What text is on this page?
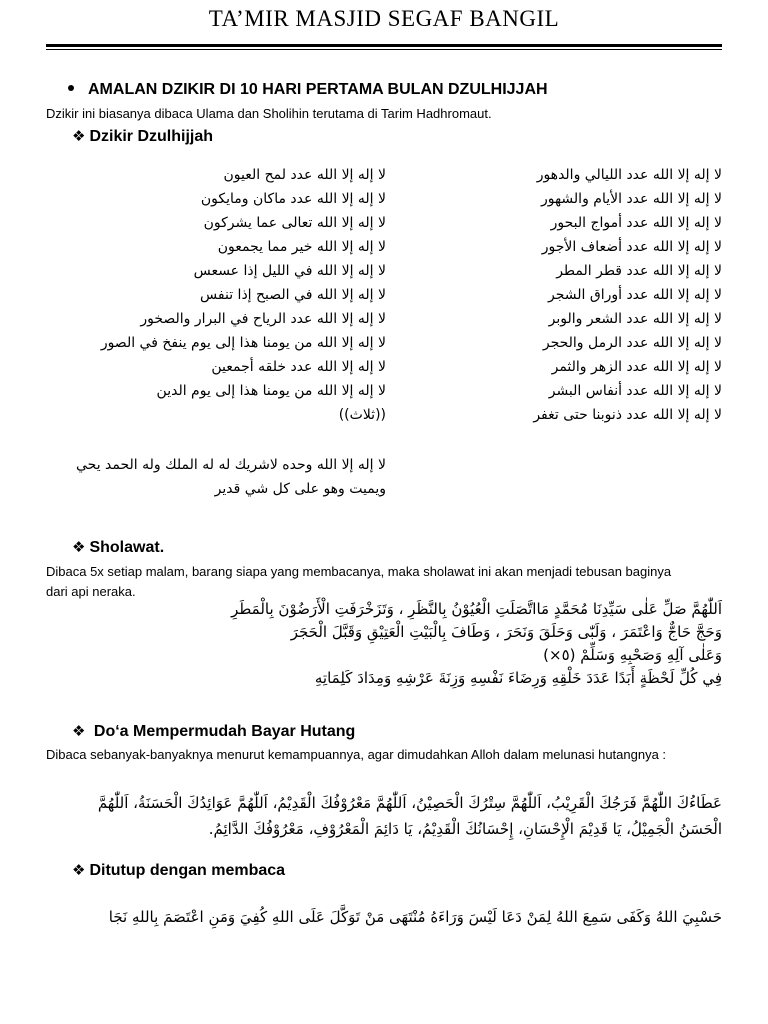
TA’MIR MASJID SEGAF BANGIL
AMALAN DZIKIR DI 10 HARI PERTAMA BULAN DZULHIJJAH
Dzikir ini biasanya dibaca Ulama dan Sholihin terutama di Tarim Hadhromaut.
❖ Dzikir Dzulhijjah
لا إله إلا الله عدد الليالي والدهور
لا إله إلا الله عدد الأيام والشهور
لا إله إلا الله عدد أمواج البحور
لا إله إلا الله عدد أضعاف الأجور
لا إله إلا الله عدد قطر المطر
لا إله إلا الله عدد أوراق الشجر
لا إله إلا الله عدد الشعر والوبر
لا إله إلا الله عدد الرمل والحجر
لا إله إلا الله عدد الزهر والثمر
لا إله إلا الله عدد أنفاس البشر
لا إله إلا الله عدد ذنوبنا حتى تغفر
لا إله إلا الله عدد لمح العيون
لا إله إلا الله عدد ماكان ومايكون
لا إله إلا الله تعالى عما يشركون
لا إله إلا الله خير مما يجمعون
لا إله إلا الله في الليل إذا عسعس
لا إله إلا الله في الصبح إذا تنفس
لا إله إلا الله عدد الرياح في البرار والصخور
لا إله إلا الله من يومنا هذا إلى يوم ينفخ في الصور
لا إله إلا الله عدد خلقه أجمعين
لا إله إلا الله من يومنا هذا إلى يوم الدين
((ثلاث))
لا إله إلا الله وحده لاشريك له له الملك وله الحمد يحي
ويميت وهو على كل شي قدير
❖ Sholawat.
Dibaca 5x setiap malam, barang siapa yang membacanya, maka sholawat ini akan menjadi tebusan baginya
dari api neraka.
اَللّٰهُمَّ صَلِّ عَلٰى سَيِّدِنَا مُحَمَّدٍ مَااتَّصَلَتِ الْعُيُوْنُ بِالنَّظَرِ ، وَتَزَخْرَفَتِ الْأَرَضُوْنَ بِالْمَطَرِ
وَحَجَّ حَاجٌّ وَاعْتَمَرَ ، وَلَبّٰى وَحَلَقَ وَنَحَرَ ، وَطَافَ بِالْبَيْتِ الْعَتِيْقِ وَقَبَّلَ الْحَجَرَ
وَعَلٰى آلِهِ وَصَحْبِهِ وَسَلِّمْ (٥×)
فِي كُلِّ لَحْظَةٍ أَبَدًا عَدَدَ خَلْقِهِ وَرِضَاءَ نَفْسِهِ وَزِنَةَ عَرْشِهِ وَمِدَادَ كَلِمَاتِهِ
❖ Do‘a Mempermudah Bayar Hutang
Dibaca sebanyak-banyaknya menurut kemampuannya, agar dimudahkan Alloh dalam melunasi hutangnya :
عَطَاءُكَ اللّٰهُمَّ فَرَجُكَ الْقَرِيْبُ، اَللّٰهُمَّ سِتْرُكَ الْحَصِيْنُ، اَللّٰهُمَّ مَعْرُوْفُكَ الْقَدِيْمُ، اَللّٰهُمَّ عَوَائِدُكَ الْحَسَنَةُ، اَللّٰهُمَّ
الْحَسَنُ الْجَمِيْلُ، يَا قَدِيْمَ الْإِحْسَانِ، إِحْسَانُكَ الْقَدِيْمُ، يَا دَائِمَ الْمَعْرُوْفِ، مَعْرُوْفُكَ الدَّائِمُ.
❖ Ditutup dengan membaca
حَسْبِيَ اللهُ وَكَفَى سَمِعَ اللهُ لِمَنْ دَعَا لَيْسَ وَرَاءَهُ مُنْتَهَى مَنْ تَوَكَّلَ عَلَى اللهِ كُفِيَ وَمَنِ اعْتَصَمَ بِاللهِ نَجَا
